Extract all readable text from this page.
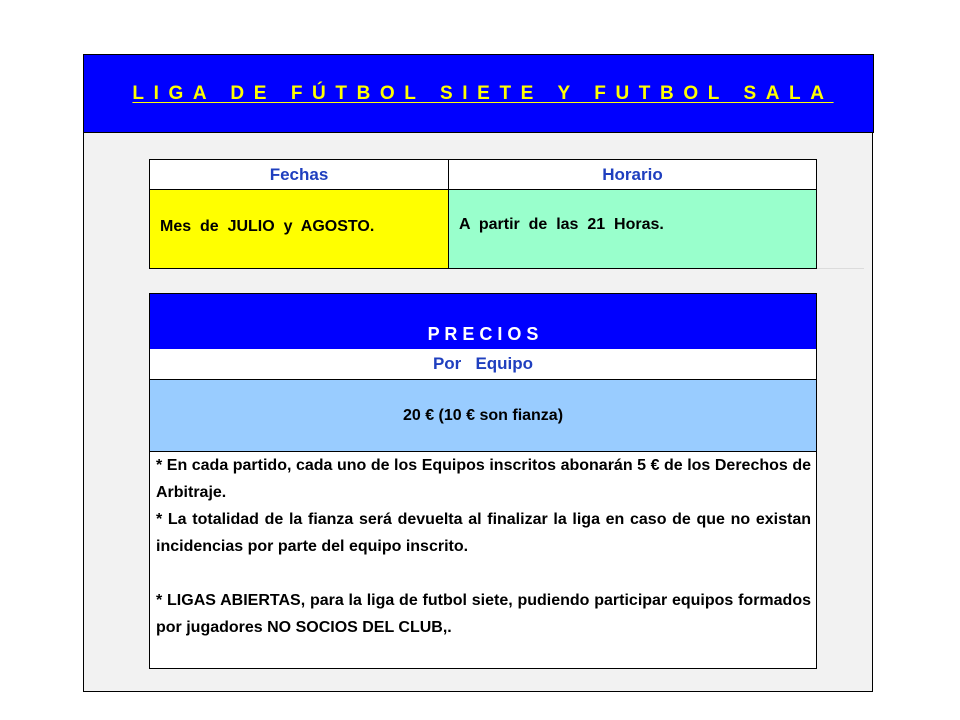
LIGA DE FÚTBOL SIETE Y FUTBOL SALA
Fechas	Horario
Mes  de  JULIO  y  AGOSTO.	A  partir  de  las  21  Horas.
P R E C I O S
Por   Equipo
20 € (10 € son fianza)

* En cada partido, cada uno de los Equipos inscritos abonarán 5 € de los Derechos de Arbitraje.

* La totalidad de la fianza será devuelta al finalizar la liga en caso de que no existan incidencias por parte del equipo inscrito.

* LIGAS ABIERTAS, para la liga de futbol siete, pudiendo participar equipos formados por jugadores NO SOCIOS DEL CLUB,.
